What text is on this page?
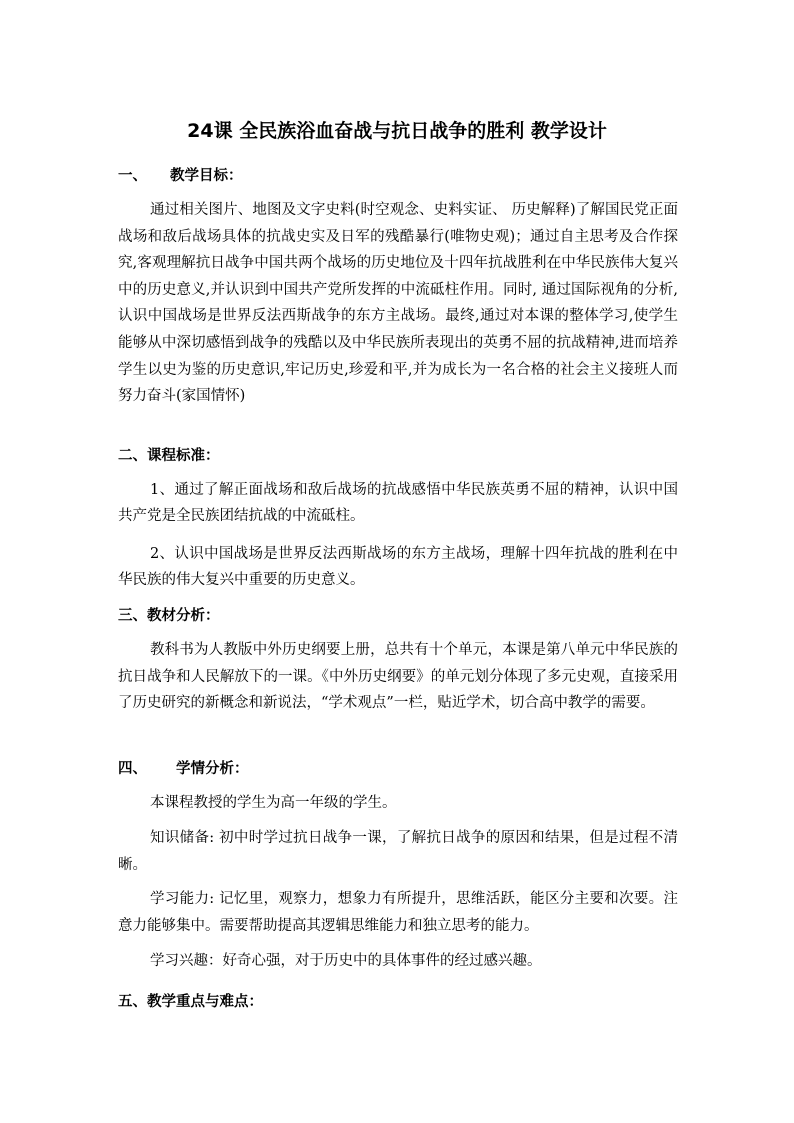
24课 全民族浴血奋战与抗日战争的胜利 教学设计
一、 教学目标：

通过相关图片、地图及文字史料(时空观念、史料实证、 历史解释)了解国民党正面战场和敌后战场具体的抗战史实及日军的残酷暴行(唯物史观)；通过自主思考及合作探究,客观理解抗日战争中国共两个战场的历史地位及十四年抗战胜利在中华民族伟大复兴中的历史意义,并认识到中国共产党所发挥的中流砥柱作用。同时, 通过国际视角的分析,认识中国战场是世界反法西斯战争的东方主战场。最终,通过对本课的整体学习,使学生能够从中深切感悟到战争的残酷以及中华民族所表现出的英勇不屈的抗战精神,进而培养学生以史为鉴的历史意识,牢记历史,珍爱和平,并为成长为一名合格的社会主义接班人而努力奋斗(家国情怀)

二、课程标准：

1、通过了解正面战场和敌后战场的抗战感悟中华民族英勇不屈的精神，认识中国共产党是全民族团结抗战的中流砥柱。

2、认识中国战场是世界反法西斯战场的东方主战场，理解十四年抗战的胜利在中华民族的伟大复兴中重要的历史意义。

三、教材分析：

教科书为人教版中外历史纲要上册，总共有十个单元，本课是第八单元中华民族的抗日战争和人民解放下的一课。《中外历史纲要》的单元划分体现了多元史观，直接采用了历史研究的新概念和新说法，“学术观点”一栏，贴近学术，切合高中教学的需要。

四、 学情分析：

本课程教授的学生为高一年级的学生。

知识储备: 初中时学过抗日战争一课，了解抗日战争的原因和结果，但是过程不清晰。

学习能力: 记忆里，观察力，想象力有所提升，思维活跃，能区分主要和次要。注意力能够集中。需要帮助提高其逻辑思维能力和独立思考的能力。

学习兴趣：好奇心强，对于历史中的具体事件的经过感兴趣。

五、教学重点与难点：
